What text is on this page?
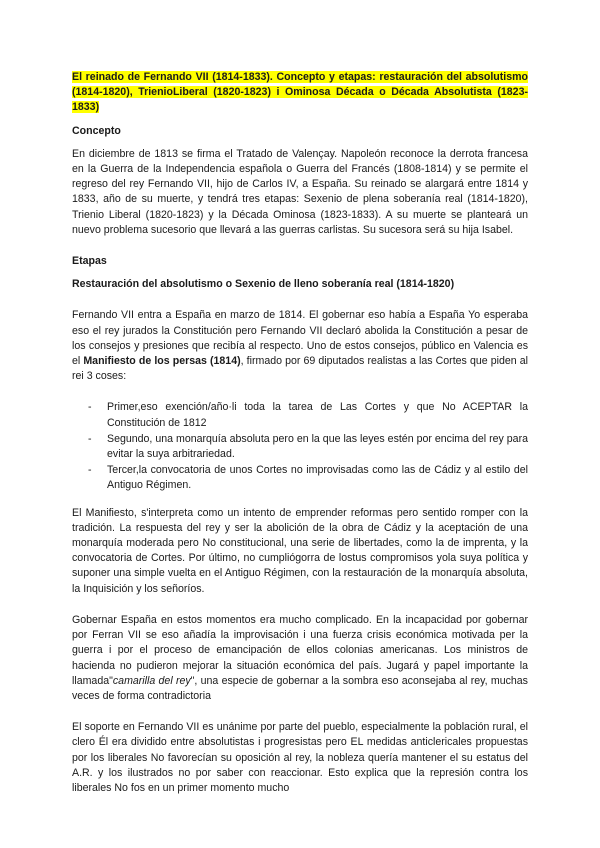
El reinado de Fernando VII (1814-1833). Concepto y etapas: restauración del absolutismo (1814-1820), TrienioLiberal (1820-1823) i Ominosa Década o Década Absolutista (1823-1833)
Concepto

En diciembre de 1813 se firma el Tratado de Valençay. Napoleón reconoce la derrota francesa en la Guerra de la Independencia española o Guerra del Francés (1808-1814) y se permite el regreso del rey Fernando VII, hijo de Carlos IV, a España. Su reinado se alargará entre 1814 y 1833, año de su muerte, y tendrá tres etapas: Sexenio de plena soberanía real (1814-1820), Trienio Liberal (1820-1823) y la Década Ominosa (1823-1833). A su muerte se planteará un nuevo problema sucesorio que llevará a las guerras carlistas. Su sucesora será su hija Isabel.

Etapas
Restauración del absolutismo o Sexenio de lleno soberanía real (1814-1820)

Fernando VII entra a España en marzo de 1814. El gobernar eso había a España Yo esperaba eso el rey jurados la Constitución pero Fernando VII declaró abolida la Constitución a pesar de los consejos y presiones que recibía al respecto. Uno de estos consejos, público en Valencia es el Manifiesto de los persas (1814), firmado por 69 diputados realistas a las Cortes que piden al rei 3 coses:

- Primer,eso exención/año·li toda la tarea de Las Cortes y que No ACEPTAR la Constitución de 1812
- Segundo, una monarquía absoluta pero en la que las leyes estén por encima del rey para evitar la suya arbitrariedad.
- Tercer,la convocatoria de unos Cortes no improvisadas como las de Cádiz y al estilo del Antiguo Régimen.

El Manifiesto, s'interpreta como un intento de emprender reformas pero sentido romper con la tradición. La respuesta del rey y ser la abolición de la obra de Cádiz y la aceptación de una monarquía moderada pero No constitucional, una serie de libertades, como la de imprenta, y la convocatoria de Cortes. Por último, no cumpliógorra de lostus compromisos yola suya política y suponer una simple vuelta en el Antiguo Régimen, con la restauración de la monarquía absoluta, la Inquisición y los señoríos.

Gobernar España en estos momentos era mucho complicado. En la incapacidad por gobernar por Ferran VII se eso añadía la improvisación i una fuerza crisis económica motivada per la guerra i por el proceso de emancipación de ellos colonias americanas. Los ministros de hacienda no pudieron mejorar la situación económica del país. Jugará y papel importante la llamada"camarilla del rey", una especie de gobernar a la sombra eso aconsejaba al rey, muchas veces de forma contradictoria

El soporte en Fernando VII es unánime por parte del pueblo, especialmente la población rural, el clero Él era dividido entre absolutistas i progresistas pero EL medidas anticlericales propuestas por los liberales No favorecían su oposición al rey, la nobleza quería mantener el su estatus del A.R. y los ilustrados no por saber con reaccionar. Esto explica que la represión contra los liberales No fos en un primer momento mucho
